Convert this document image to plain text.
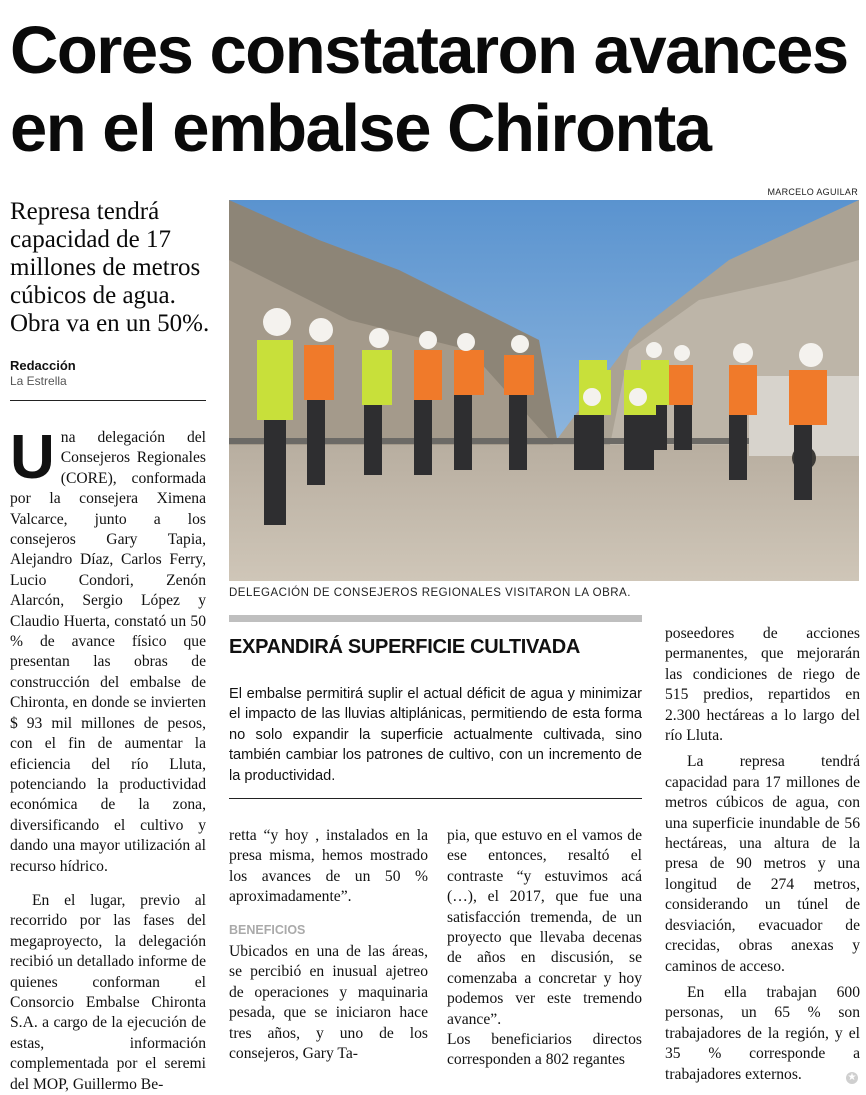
Cores constataron avances
en el embalse Chironta
MARCELO AGUILAR
Represa tendrá
capacidad de 17
millones de metros
cúbicos de agua.
Obra va en un 50%.
Redacción
La Estrella

Una delegación del Consejeros Regionales (CORE), conformada por la consejera Ximena Valcarce, junto a los consejeros Gary Tapia, Alejandro Díaz, Carlos Ferry, Lucio Condori, Zenón Alarcón, Sergio López y Claudio Huerta, constató un 50 % de avance físico que presentan las obras de construcción del embalse de Chironta, en donde se invierten $ 93 mil millones de pesos, con el fin de aumentar la eficiencia del río Lluta, potenciando la productividad económica de la zona, diversificando el cultivo y dando una mayor utilización al recurso hídrico.

En el lugar, previo al recorrido por las fases del megaproyecto, la delegación recibió un detallado informe de quienes conforman el Consorcio Embalse Chironta S.A. a cargo de la ejecución de estas, información complementada por el seremi del MOP, Guillermo Be-

DELEGACIÓN DE CONSEJEROS REGIONALES VISITARON LA OBRA.
EXPANDIRÁ SUPERFICIE CULTIVADA
El embalse permitirá suplir el actual déficit de agua y minimizar el impacto de las lluvias altiplánicas, permitiendo de esta forma no solo expandir la superficie actualmente cultivada, sino también cambiar los patrones de cultivo, con un incremento de la productividad.

retta “y hoy , instalados en la presa misma, hemos mostrado los avances de un 50 % aproximadamente”.

BENEFICIOS

Ubicados en una de las áreas, se percibió en inusual ajetreo de operaciones y maquinaria pesada, que se iniciaron hace tres años, y uno de los consejeros, Gary Ta-

pia, que estuvo en el vamos de ese entonces, resaltó el contraste “y estuvimos acá (…), el 2017, que fue una satisfacción tremenda, de un proyecto que llevaba decenas de años en discusión, se comenzaba a concretar y hoy podemos ver este tremendo avance”.

Los beneficiarios directos corresponden a 802 regantes

poseedores de acciones permanentes, que mejorarán las condiciones de riego de 515 predios, repartidos en 2.300 hectáreas a lo largo del río Lluta.

La represa tendrá capacidad para 17 millones de metros cúbicos de agua, con una superficie inundable de 56 hectáreas, una altura de la presa de 90 metros y una longitud de 274 metros, considerando un túnel de desviación, evacuador de crecidas, obras anexas y caminos de acceso.

En ella trabajan 600 personas, un 65 % son trabajadores de la región, y el 35 % corresponde a trabajadores externos.	★
